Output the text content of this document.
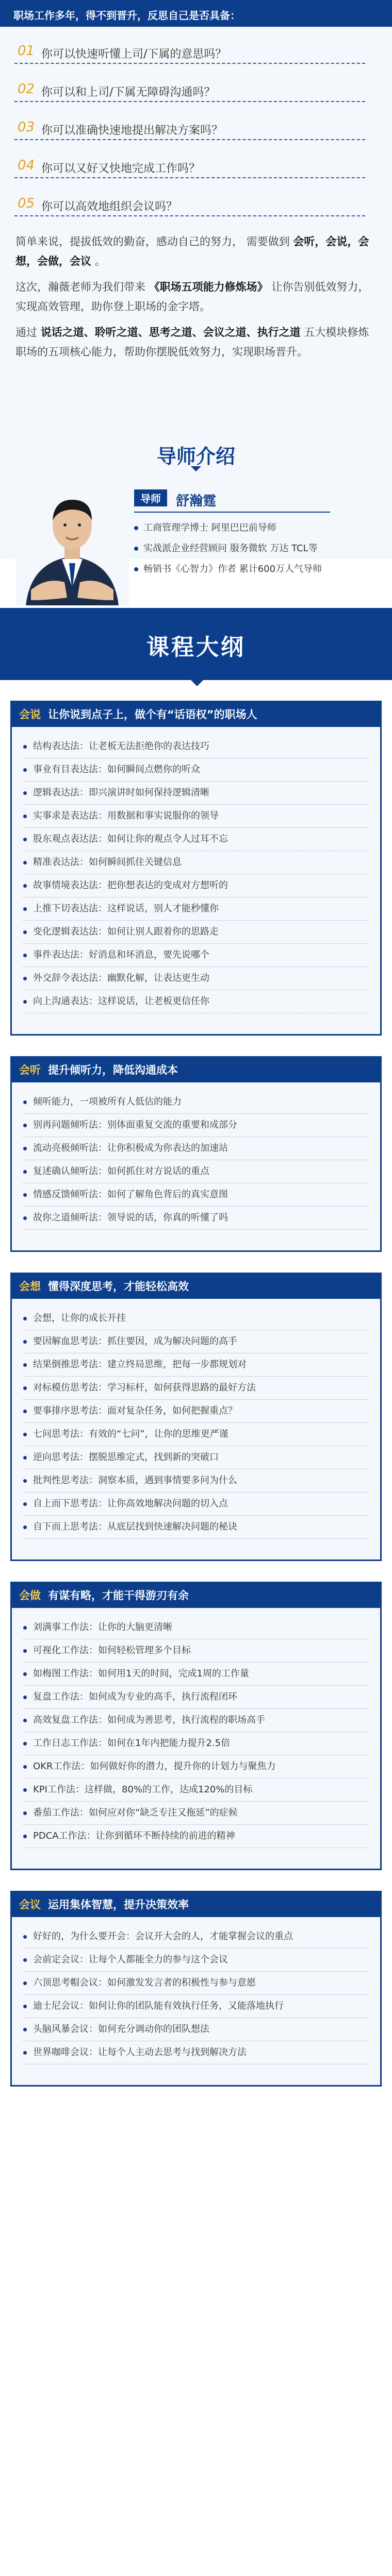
职场工作多年，得不到晋升，反思自己是否具备：
01 你可以快速听懂上司/下属的意思吗？
02 你可以和上司/下属无障碍沟通吗？
03 你可以准确快速地提出解决方案吗？
04 你可以又好又快地完成工作吗？
05 你可以高效地组织会议吗？

简单来说，提拔低效的勤奋，感动自己的努力， 需要做到 会听，会说，会想，会做，会议 。

这次，瀚薇老师为我们带来 《职场五项能力修炼场》 让你告别低效努力，实现高效管理，助你登上职场的金字塔。

通过 说话之道、聆听之道、思考之道、会议之道、执行之道 五大模块修炼职场的五项核心能力，帮助你摆脱低效努力，实现职场晋升。

导师介绍
导师 舒瀚霆
工商管理学博士 阿里巴巴前导师
实战派企业经营顾问 服务微软 万达 TCL等
畅销书《心智力》作者 累计600万人气导师
课程大纲
会说 让你说到点子上，做个有“话语权”的职场人
结构表达法：让老板无法拒绝你的表达技巧
事业有目表达法：如何瞬间点燃你的听众
逻辑表达法：即兴演讲时如何保持逻辑清晰
实事求是表达法：用数据和事实说服你的领导
股东观点表达法：如何让你的观点令人过耳不忘
精准表达法：如何瞬间抓住关键信息
故事情境表达法：把你想表达的变成对方想听的
上推下切表达法：这样说话，别人才能秒懂你
变化逻辑表达法：如何让别人跟着你的思路走
事件表达法：好消息和坏消息，要先说哪个
外交辞令表达法：幽默化解，让表达更生动
向上沟通表达：这样说话，让老板更信任你
会听 提升倾听力，降低沟通成本
倾听能力，一项被所有人低估的能力
别再问题倾听法：别体面重复交流的重要和成部分
流动亮极倾听法：让你积极成为你表达的加速站
复述确认倾听法：如何抓住对方说话的重点
情感反馈倾听法：如何了解角色背后的真实意图
故你之道倾听法：领导说的话，你真的听懂了吗
会想 懂得深度思考，才能轻松高效
会想，让你的成长开挂
要因解血思考法：抓住要因，成为解决问题的高手
结果倒推思考法：建立终局思维，把每一步都规划对
对标模仿思考法：学习标杆，如何获得思路的最好方法
要事排序思考法：面对复杂任务，如何把握重点？
七问思考法：有效的“七问”，让你的思维更严谨
逆向思考法：摆脱思维定式，找到新的突破口
批判性思考法：洞察本质，遇到事情要多问为什么
自上而下思考法：让你高效地解决问题的切入点
自下而上思考法：从底层找到快速解决问题的秘诀
会做 有谋有略，才能干得游刃有余
刘满事工作法：让你的大脑更清晰
可视化工作法：如何轻松管理多个目标
如梅图工作法：如何用1天的时间，完成1周的工作量
复盘工作法：如何成为专业的高手，执行流程闭环
高效复盘工作法：如何成为善思考，执行流程的职场高手
工作日志工作法：如何在1年内把能力提升2.5倍
OKR工作法：如何做好你的潜力，提升你的计划力与聚焦力
KPI工作法：这样做，80%的工作，达成120%的目标
番茄工作法：如何应对你“缺乏专注又拖延”的症候
PDCA工作法：让你到循环不断持续的前进的精神
会议 运用集体智慧，提升决策效率
好好的，为什么要开会：会议开大会的人，才能掌握会议的重点
会前定会议：让每个人都能全力的参与这个会议
六顶思考帽会议：如何激发发言者的积极性与参与意愿
迪士尼会议：如何让你的团队能有效执行任务，又能落地执行
头脑风暴会议：如何充分调动你的团队想法
世界咖啡会议：让每个人主动去思考与找到解决方法
